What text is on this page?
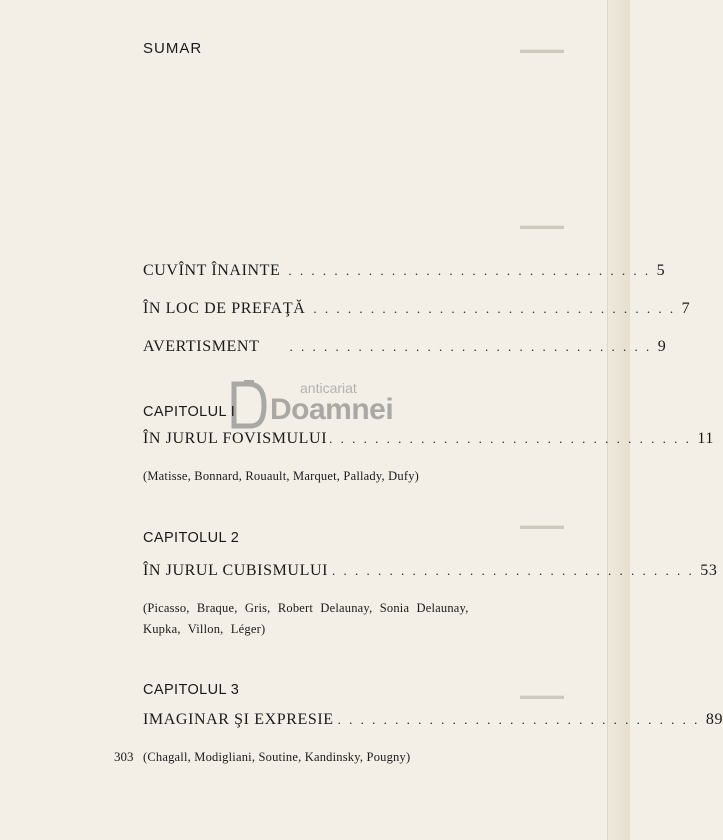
▬▬▬▬
▬▬▬▬
▬▬▬▬
▬▬▬▬
SUMAR
CUVÎNT ÎNAINTE . . . . . . . . . . . . . . . . . . . . . . . . . . . . . . . . 5
ÎN LOC DE PREFAŢĂ . . . . . . . . . . . . . . . . . . . . . . . . . . . . . . . . 7
AVERTISMENT . . . . . . . . . . . . . . . . . . . . . . . . . . . . . . . . 9
anticariat
Doamnei
CAPITOLUL I
ÎN JURUL FOVISMULUI . . . . . . . . . . . . . . . . . . . . . . . . . . . . . . . . 11
(Matisse, Bonnard, Rouault, Marquet, Pallady, Dufy)
CAPITOLUL 2
ÎN JURUL CUBISMULUI . . . . . . . . . . . . . . . . . . . . . . . . . . . . . . . . 53
(Picasso, Braque, Gris, Robert Delaunay, Sonia Delaunay, Kupka, Villon, Léger)
CAPITOLUL 3
IMAGINAR ŞI EXPRESIE . . . . . . . . . . . . . . . . . . . . . . . . . . . . . . . . 89
303 (Chagall, Modigliani, Soutine, Kandinsky, Pougny)
